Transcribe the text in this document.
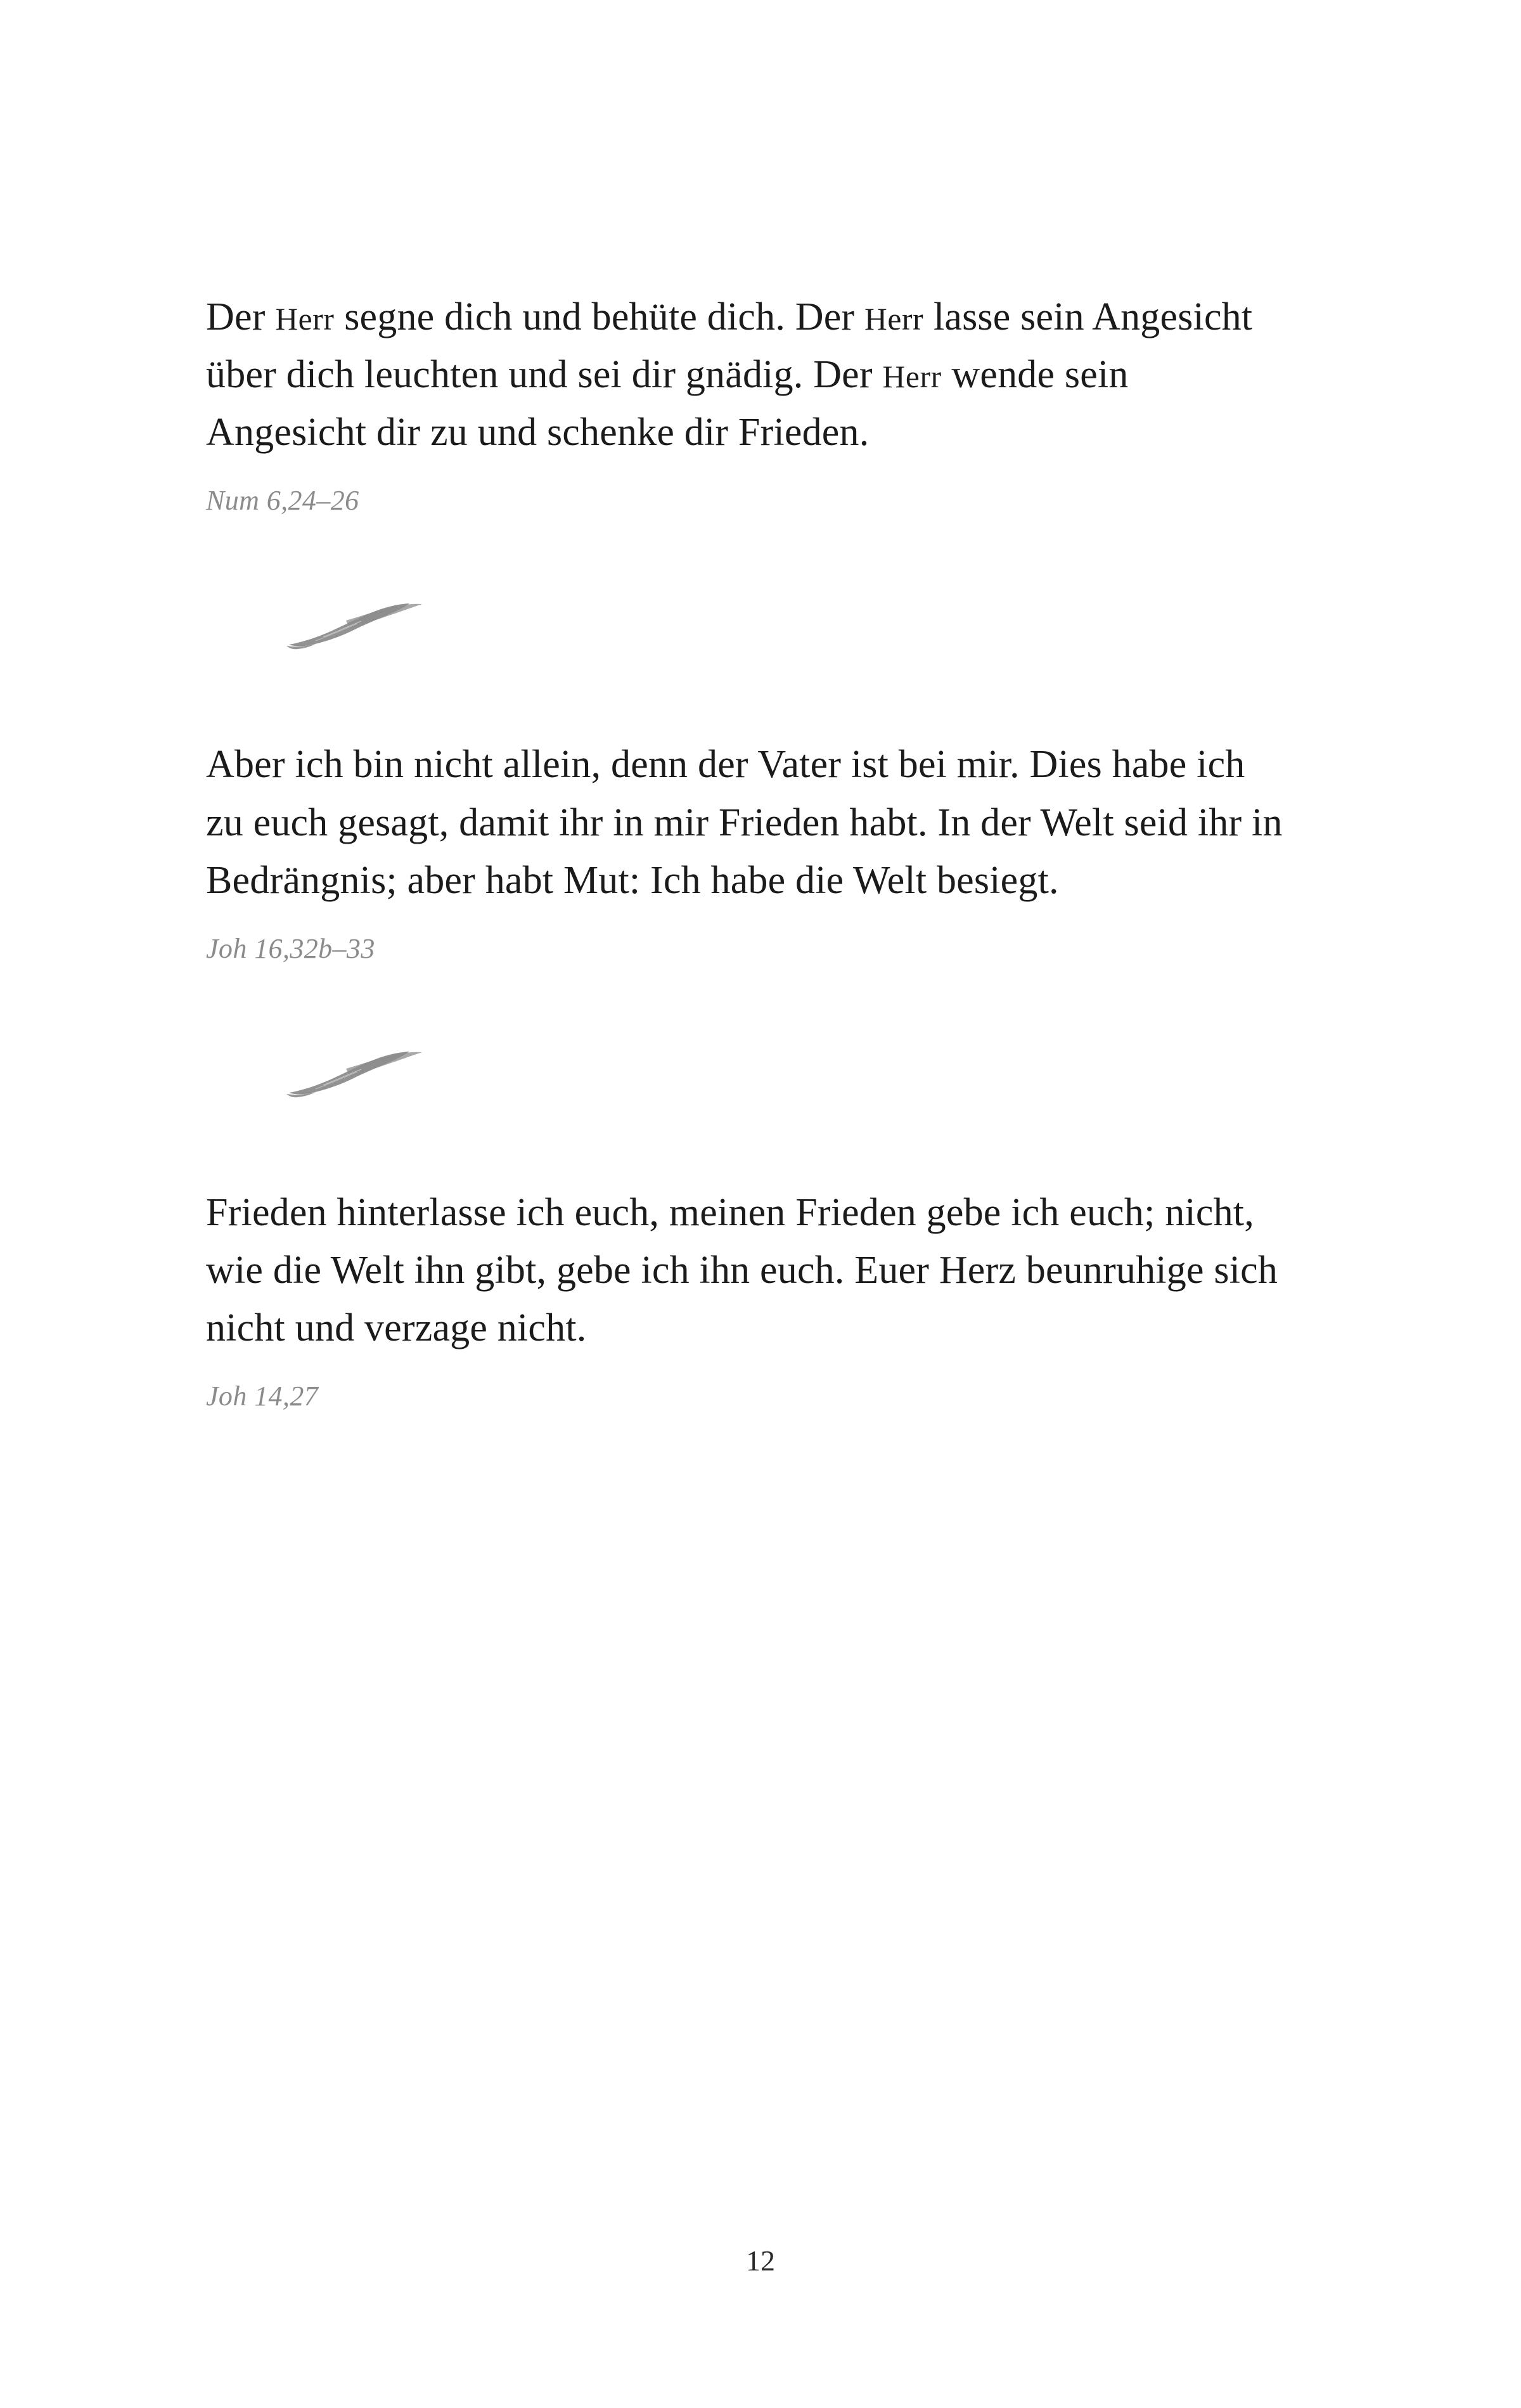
Der Herr segne dich und behüte dich. Der Herr lasse sein Angesicht über dich leuchten und sei dir gnädig. Der Herr wende sein Angesicht dir zu und schenke dir Frieden.

Num 6,24–26

Aber ich bin nicht allein, denn der Vater ist bei mir. Dies habe ich zu euch gesagt, damit ihr in mir Frieden habt. In der Welt seid ihr in Bedrängnis; aber habt Mut: Ich habe die Welt besiegt.

Joh 16,32b–33

Frieden hinterlasse ich euch, meinen Frieden gebe ich euch; nicht, wie die Welt ihn gibt, gebe ich ihn euch. Euer Herz beunruhige sich nicht und verzage nicht.

Joh 14,27
12
